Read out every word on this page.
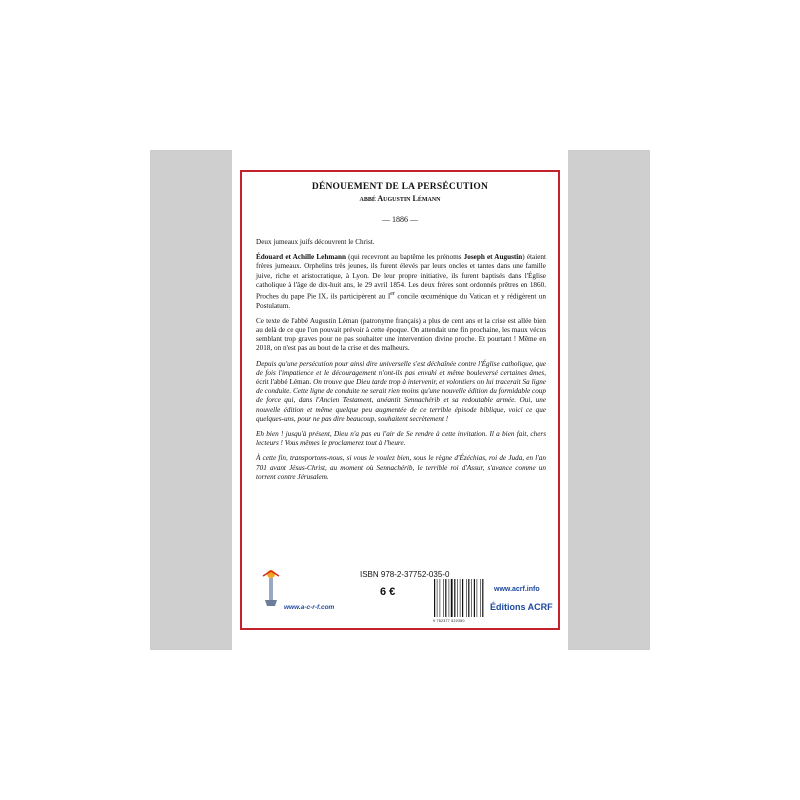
DÉNOUEMENT DE LA PERSÉCUTION
abbé Augustin Lémann
— 1886 —

Deux jumeaux juifs découvrent le Christ.

Édouard et Achille Lehmann (qui recevront au baptême les prénoms Joseph et Augustin) étaient frères jumeaux. Orphelins très jeunes, ils furent élevés par leurs oncles et tantes dans une famille juive, riche et aristocratique, à Lyon. De leur propre initiative, ils furent baptisés dans l'Église catholique à l'âge de dix-huit ans, le 29 avril 1854. Les deux frères sont ordonnés prêtres en 1860. Proches du pape Pie IX, ils participèrent au Ier concile œcuménique du Vatican et y rédigèrent un Postulatum.

Ce texte de l'abbé Augustin Léman (patronyme français) a plus de cent ans et la crise est allée bien au delà de ce que l'on pouvait prévoir à cette époque. On attendait une fin prochaine, les maux vécus semblant trop graves pour ne pas souhaiter une intervention divine proche. Et pourtant ! Même en 2018, on n'est pas au bout de la crise et des malheurs.

Depuis qu'une persécution pour ainsi dire universelle s'est déchaînée contre l'Église catholique, que de fois l'impatience et le découragement n'ont-ils pas envahi et même bouleversé certaines âmes, écrit l'abbé Léman. On trouve que Dieu tarde trop à intervenir, et volontiers on lui tracerait Sa ligne de conduite. Cette ligne de conduite ne serait rien moins qu'une nouvelle édition du formidable coup de force qui, dans l'Ancien Testament, anéantit Sennachérib et sa redoutable armée. Oui, une nouvelle édition et même quelque peu augmentée de ce terrible épisode biblique, voici ce que quelques-uns, pour ne pas dire beaucoup, souhaitent secrètement !

Eh bien ! jusqu'à présent, Dieu n'a pas eu l'air de Se rendre à cette invitation. Il a bien fait, chers lecteurs ! Vous mêmes le proclamerez tout à l'heure.

À cette fin, transportons-nous, si vous le voulez bien, sous le règne d'Ézéchias, roi de Juda, en l'an 701 avant Jésus-Christ, au moment où Sennachérib, le terrible roi d'Assur, s'avance comme un torrent contre Jérusalem.

www.a-c-r-f.com
ISBN 978-2-37752-035-0
6 €
9 782377 520350
www.acrf.info
Éditions ACRF
